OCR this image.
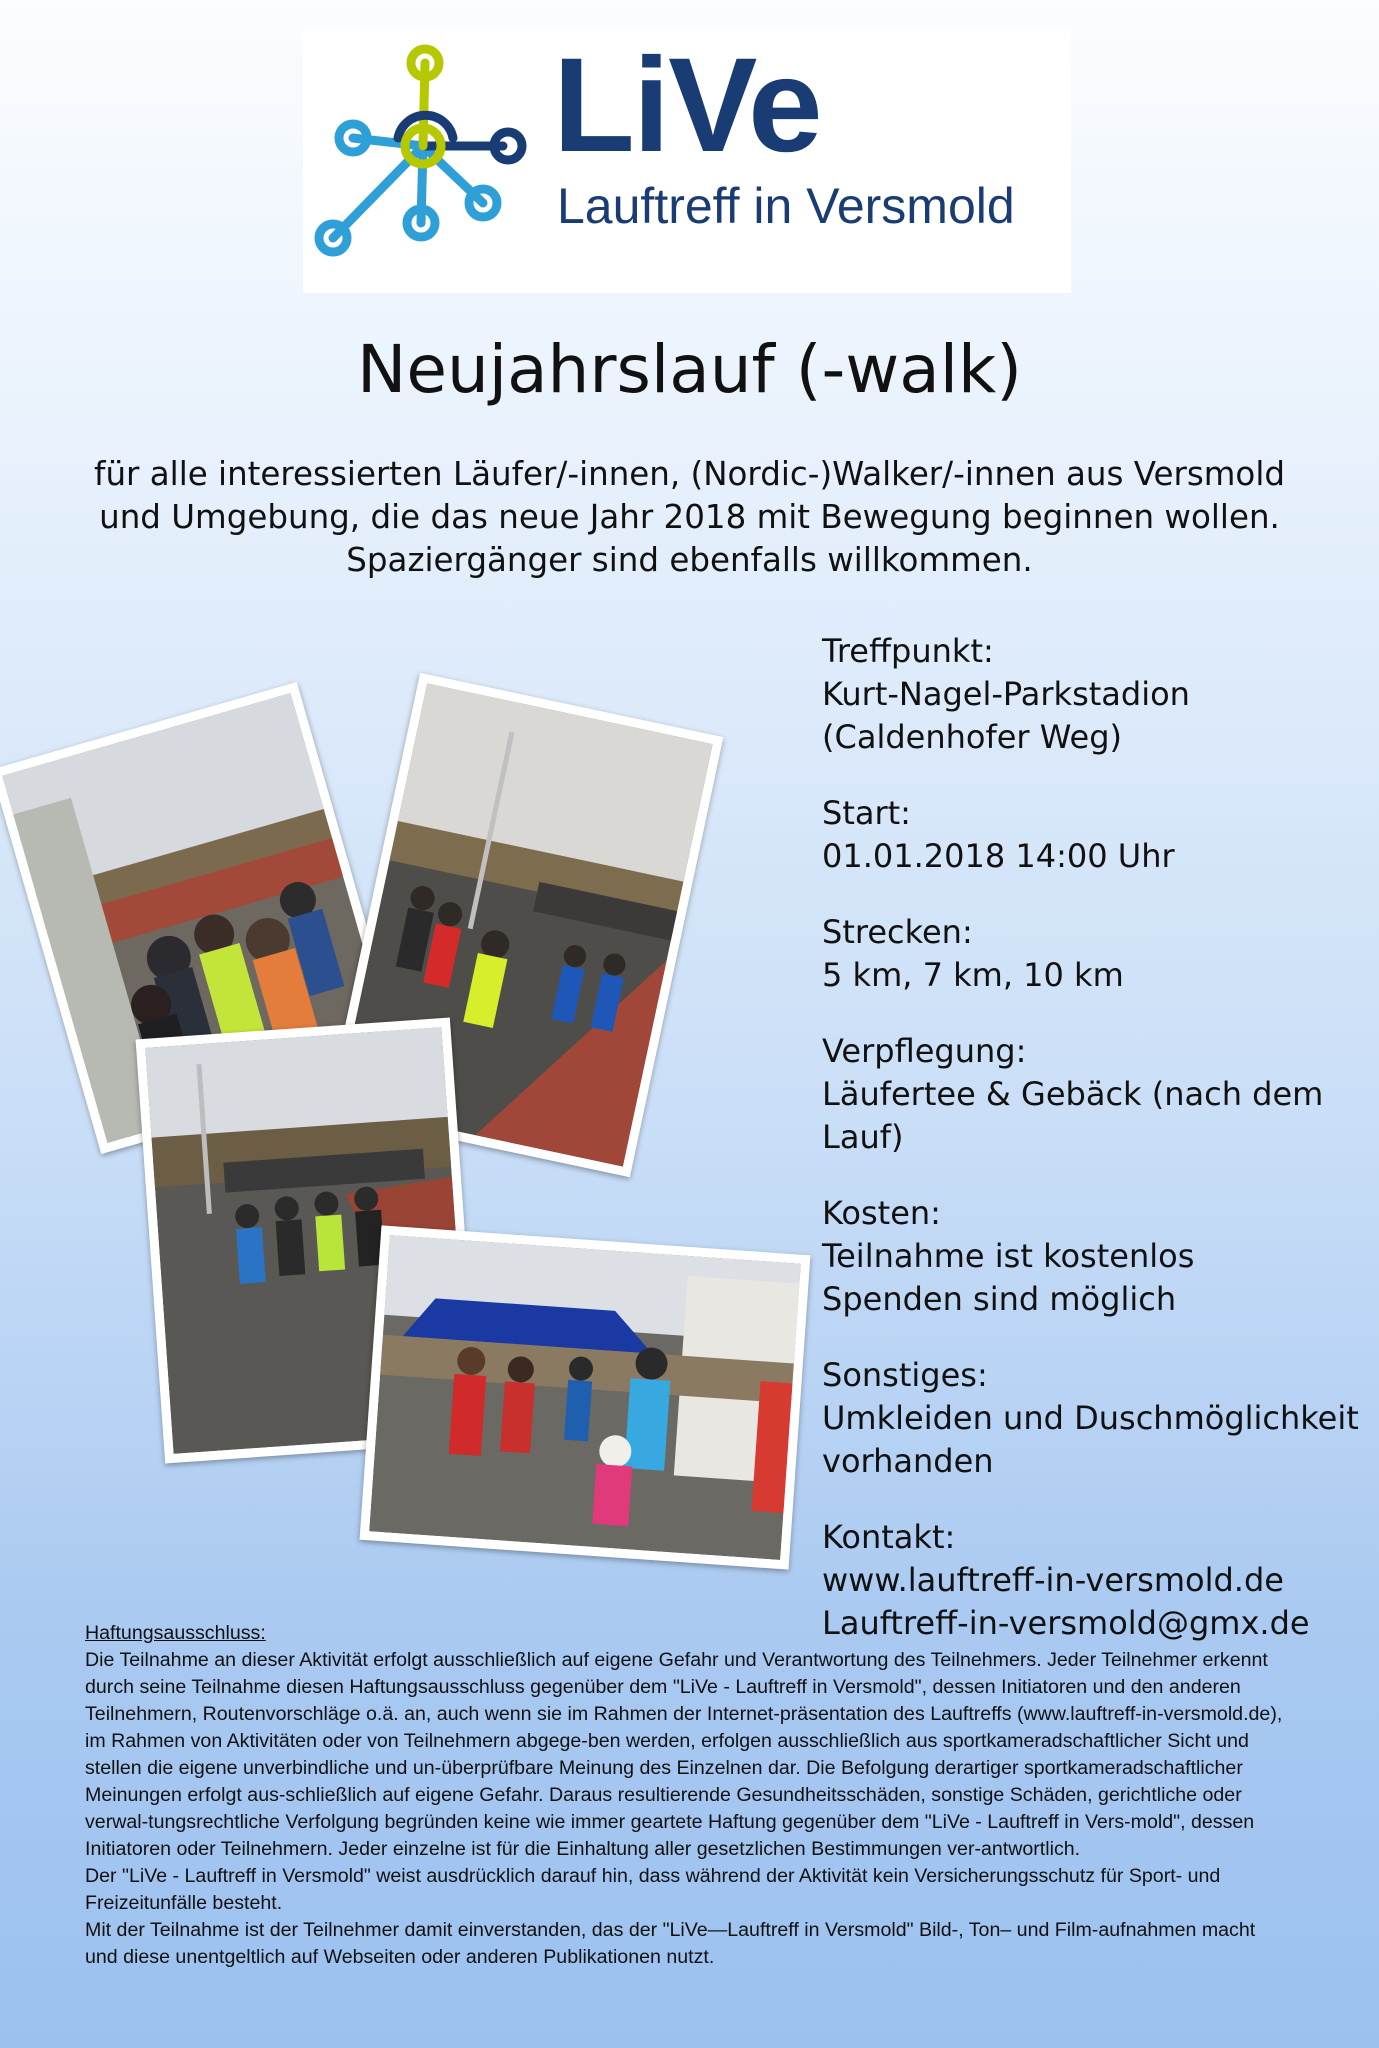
LiVe
Lauftreff in Versmold
Neujahrslauf (-walk)
für alle interessierten Läufer/-innen, (Nordic-)Walker/-innen aus Versmold und Umgebung, die das neue Jahr 2018 mit Bewegung beginnen wollen. Spaziergänger sind ebenfalls willkommen.
Treffpunkt:
Kurt-Nagel-Parkstadion
(Caldenhofer Weg)
Start:
01.01.2018 14:00 Uhr
Strecken:
5 km, 7 km, 10 km
Verpflegung:
Läufertee & Gebäck (nach dem Lauf)
Kosten:
Teilnahme ist kostenlos
Spenden sind möglich
Sonstiges:
Umkleiden und Duschmöglichkeit vorhanden
Kontakt:
www.lauftreff-in-versmold.de
Lauftreff-in-versmold@gmx.de
Haftungsausschluss:

Die Teilnahme an dieser Aktivität erfolgt ausschließlich auf eigene Gefahr und Verantwortung des Teilnehmers. Jeder Teilnehmer erkennt durch seine Teilnahme diesen Haftungsausschluss gegenüber dem "LiVe - Lauftreff in Versmold", dessen Initiatoren und den anderen Teilnehmern, Routenvorschläge o.ä. an, auch wenn sie im Rahmen der Internet-präsentation des Lauftreffs (www.lauftreff-in-versmold.de), im Rahmen von Aktivitäten oder von Teilnehmern abgege-ben werden, erfolgen ausschließlich aus sportkameradschaftlicher Sicht und stellen die eigene unverbindliche und un-überprüfbare Meinung des Einzelnen dar. Die Befolgung derartiger sportkameradschaftlicher Meinungen erfolgt aus-schließlich auf eigene Gefahr. Daraus resultierende Gesundheitsschäden, sonstige Schäden, gerichtliche oder verwal-tungsrechtliche Verfolgung begründen keine wie immer geartete Haftung gegenüber dem "LiVe - Lauftreff in Vers-mold", dessen Initiatoren oder Teilnehmern. Jeder einzelne ist für die Einhaltung aller gesetzlichen Bestimmungen ver-antwortlich.

Der "LiVe - Lauftreff in Versmold" weist ausdrücklich darauf hin, dass während der Aktivität kein Versicherungsschutz für Sport- und Freizeitunfälle besteht.

Mit der Teilnahme ist der Teilnehmer damit einverstanden, das der "LiVe—Lauftreff in Versmold" Bild-, Ton– und Film-aufnahmen macht und diese unentgeltlich auf Webseiten oder anderen Publikationen nutzt.
